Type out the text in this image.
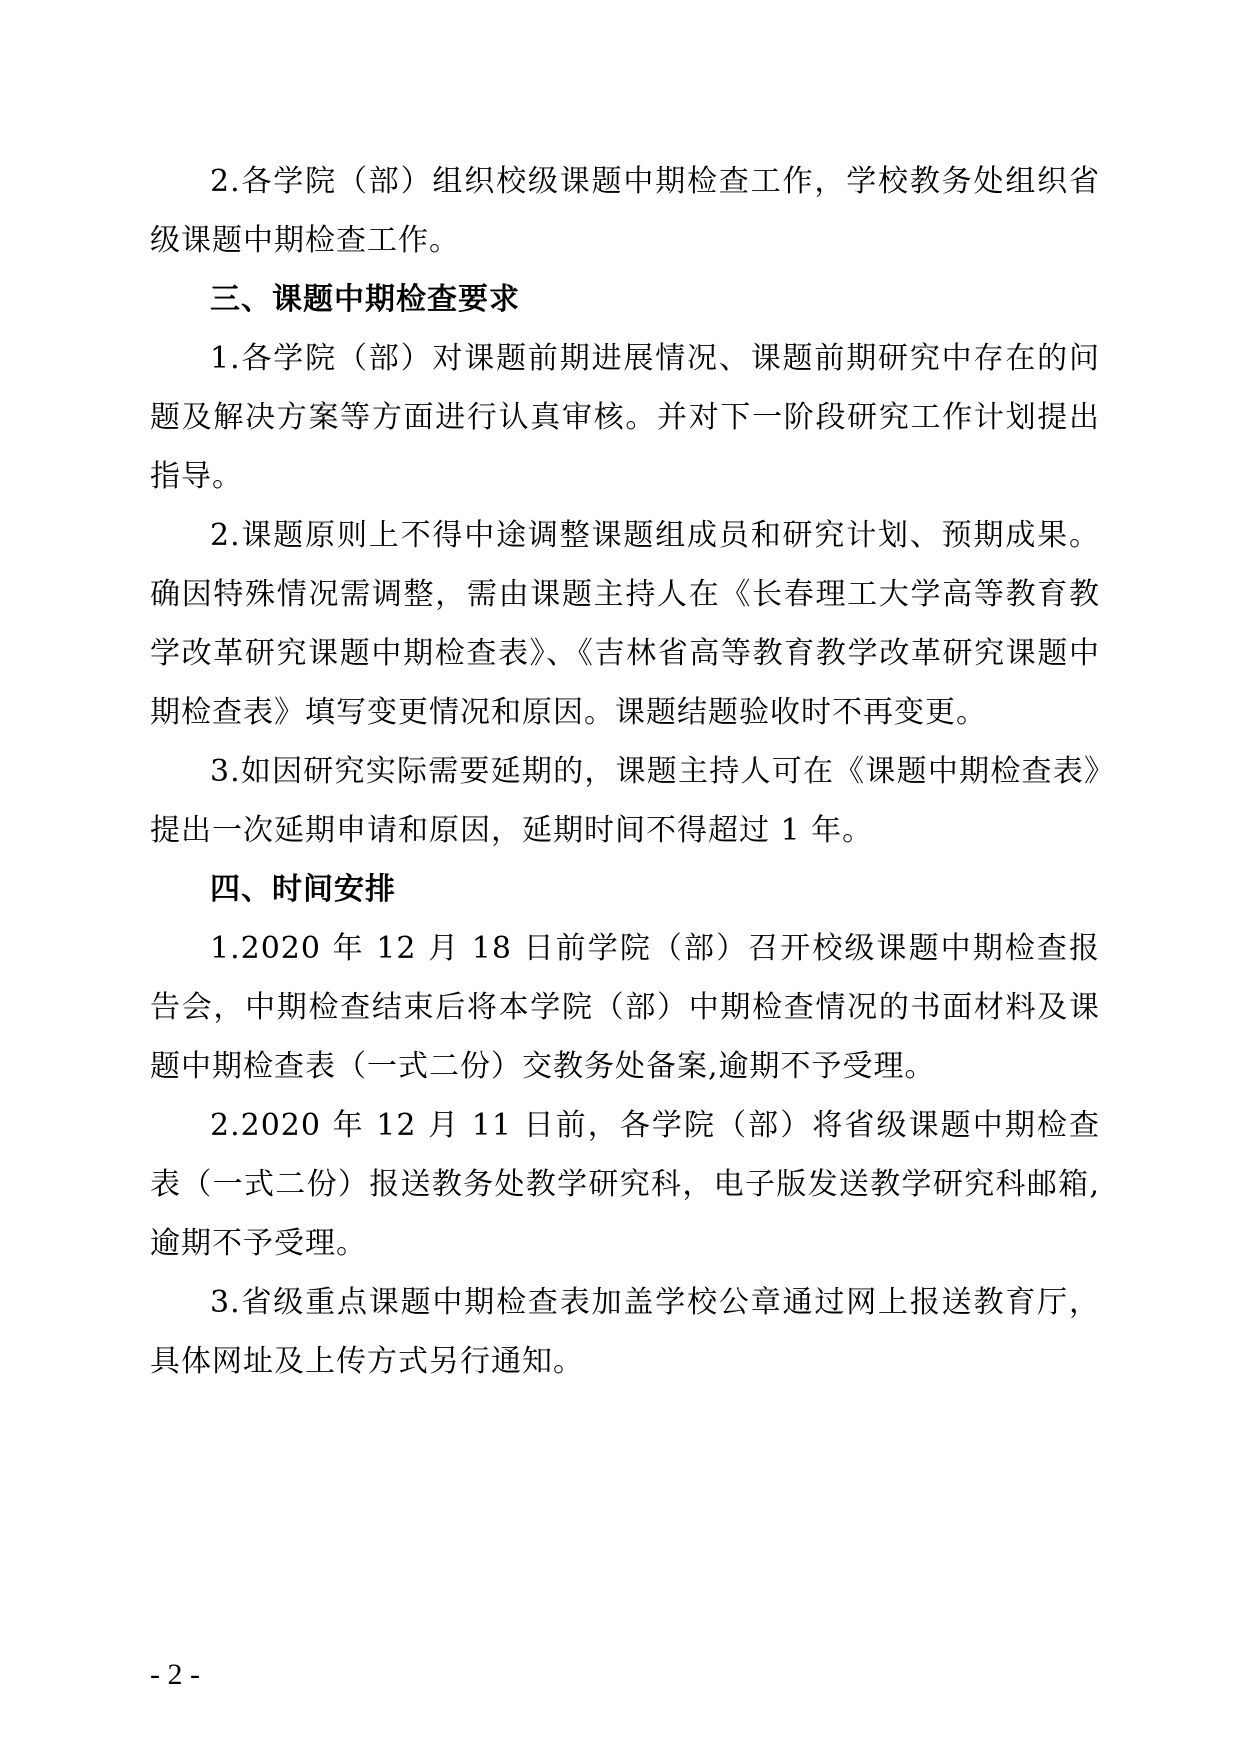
2.各学院（部）组织校级课题中期检查工作，学校教务处组织省级课题中期检查工作。

三、课题中期检查要求

1.各学院（部）对课题前期进展情况、课题前期研究中存在的问题及解决方案等方面进行认真审核。并对下一阶段研究工作计划提出指导。

2.课题原则上不得中途调整课题组成员和研究计划、预期成果。确因特殊情况需调整，需由课题主持人在《长春理工大学高等教育教学改革研究课题中期检查表》、《吉林省高等教育教学改革研究课题中期检查表》填写变更情况和原因。课题结题验收时不再变更。

3.如因研究实际需要延期的，课题主持人可在《课题中期检查表》提出一次延期申请和原因，延期时间不得超过 1 年。

四、时间安排

1.2020 年 12 月 18 日前学院（部）召开校级课题中期检查报告会，中期检查结束后将本学院（部）中期检查情况的书面材料及课题中期检查表（一式二份）交教务处备案,逾期不予受理。

2.2020 年 12 月 11 日前，各学院（部）将省级课题中期检查表（一式二份）报送教务处教学研究科，电子版发送教学研究科邮箱,逾期不予受理。

3.省级重点课题中期检查表加盖学校公章通过网上报送教育厅，具体网址及上传方式另行通知。

- 2 -
